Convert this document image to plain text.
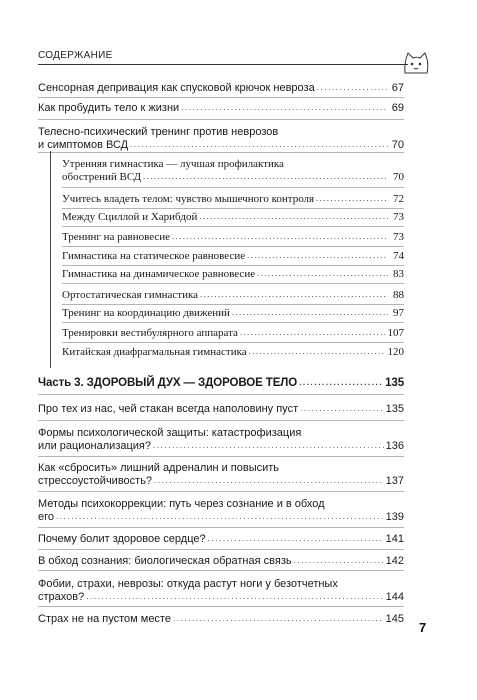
СОДЕРЖАНИЕ
Сенсорная депривация как спусковой крючок невроза .....	67
Как пробудить тело к жизни .....	69
Телесно-психический тренинг против неврозов
и симптомов ВСД .....	70
Утренняя гимнастика — лучшая профилактика
обострений ВСД .....	70
Учитесь владеть телом: чувство мышечного контроля .....	72
Между Сциллой и Харибдой .....	73
Тренинг на равновесие .....	73
Гимнастика на статическое равновесие .....	74
Гимнастика на динамическое равновесие .....	83
Ортостатическая гимнастика .....	88
Тренинг на координацию движений .....	97
Тренировки вестибулярного аппарата .....	107
Китайская диафрагмальная гимнастика .....	120
Часть 3. ЗДОРОВЫЙ ДУХ — ЗДОРОВОЕ ТЕЛО .....	135
Про тех из нас, чей стакан всегда наполовину пуст .....	135
Формы психологической защиты: катастрофизация
или рационализация? .....	136
Как «сбросить» лишний адреналин и повысить
стрессоустойчивость? .....	137
Методы психокоррекции: путь через сознание и в обход
его .....	139
Почему болит здоровое сердце? .....	141
В обход сознания: биологическая обратная связь .....	142
Фобии, страхи, неврозы: откуда растут ноги у безотчетных
страхов? .....	144
Страх не на пустом месте .....	145
7
